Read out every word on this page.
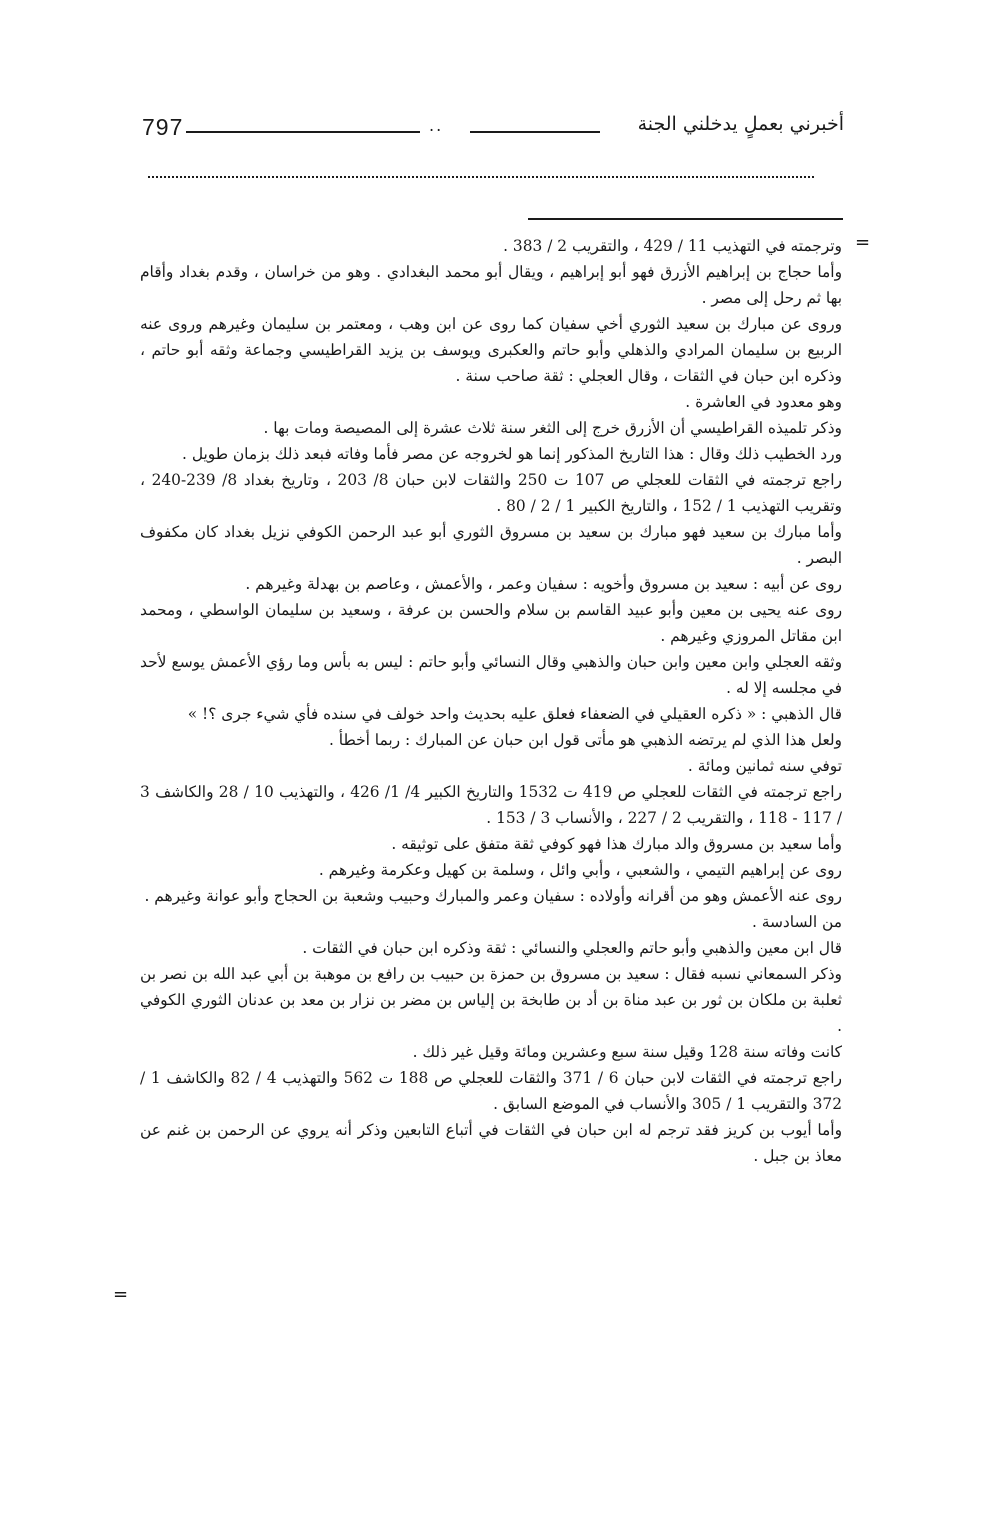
797	..	أخبرني بعملٍ يدخلني الجنة
=

وترجمته في التهذيب 11 / 429 ، والتقريب 2 / 383 .

وأما حجاج بن إبراهيم الأزرق فهو أبو إبراهيم ، ويقال أبو محمد البغدادي . وهو من خراسان ، وقدم بغداد وأقام بها ثم رحل إلى مصر .

وروى عن مبارك بن سعيد الثوري أخي سفيان كما روى عن ابن وهب ، ومعتمر بن سليمان وغيرهم وروى عنه الربيع بن سليمان المرادي والذهلي وأبو حاتم والعكبرى ويوسف بن يزيد القراطيسي وجماعة وثقه أبو حاتم ، وذكره ابن حبان في الثقات ، وقال العجلي : ثقة صاحب سنة .

وهو معدود في العاشرة .

وذكر تلميذه القراطيسي أن الأزرق خرج إلى الثغر سنة ثلاث عشرة إلى المصيصة ومات بها .

ورد الخطيب ذلك وقال : هذا التاريخ المذكور إنما هو لخروجه عن مصر فأما وفاته فبعد ذلك بزمان طويل .

راجع ترجمته في الثقات للعجلي ص 107 ت 250 والثقات لابن حبان 8/ 203 ، وتاريخ بغداد 8/ 239-240 ، وتقريب التهذيب 1 / 152 ، والتاريخ الكبير 1 / 2 / 80 .

وأما مبارك بن سعيد فهو مبارك بن سعيد بن مسروق الثوري أبو عبد الرحمن الكوفي نزيل بغداد كان مكفوف البصر .

روى عن أبيه : سعيد بن مسروق وأخويه : سفيان وعمر ، والأعمش ، وعاصم بن بهدلة وغيرهم .

روى عنه يحيى بن معين وأبو عبيد القاسم بن سلام والحسن بن عرفة ، وسعيد بن سليمان الواسطي ، ومحمد ابن مقاتل المروزي وغيرهم .

وثقه العجلي وابن معين وابن حبان والذهبي وقال النسائي وأبو حاتم : ليس به بأس وما رؤي الأعمش يوسع لأحد في مجلسه إلا له .

قال الذهبي : « ذكره العقيلي في الضعفاء فعلق عليه بحديث واحد خولف في سنده فأي شيء جرى ؟! »

ولعل هذا الذي لم يرتضه الذهبي هو مأتى قول ابن حبان عن المبارك : ربما أخطأ .

توفي سنه ثمانين ومائة .

راجع ترجمته في الثقات للعجلي ص 419 ت 1532 والتاريخ الكبير 4/ 1/ 426 ، والتهذيب 10 / 28 والكاشف 3 / 117 - 118 ، والتقريب 2 / 227 ، والأنساب 3 / 153 .

وأما سعيد بن مسروق والد مبارك هذا فهو كوفي ثقة متفق على توثيقه .

روى عن إبراهيم التيمي ، والشعبي ، وأبي وائل ، وسلمة بن كهيل وعكرمة وغيرهم .

روى عنه الأعمش وهو من أقرانه وأولاده : سفيان وعمر والمبارك وحبيب وشعبة بن الحجاج وأبو عوانة وغيرهم .

من السادسة .

قال ابن معين والذهبي وأبو حاتم والعجلي والنسائي : ثقة وذكره ابن حبان في الثقات .

وذكر السمعاني نسبه فقال : سعيد بن مسروق بن حمزة بن حبيب بن رافع بن موهبة بن أبي عبد الله بن نصر بن ثعلبة بن ملكان بن ثور بن عبد مناة بن أد بن طابخة بن إلياس بن مضر بن نزار بن معد بن عدنان الثوري الكوفي .

كانت وفاته سنة 128 وقيل سنة سبع وعشرين ومائة وقيل غير ذلك .

راجع ترجمته في الثقات لابن حبان 6 / 371 والثقات للعجلي ص 188 ت 562 والتهذيب 4 / 82 والكاشف 1 / 372 والتقريب 1 / 305 والأنساب في الموضع السابق .

وأما أيوب بن كريز فقد ترجم له ابن حبان في الثقات في أتباع التابعين وذكر أنه يروي عن الرحمن بن غنم عن معاذ بن جبل .

=
